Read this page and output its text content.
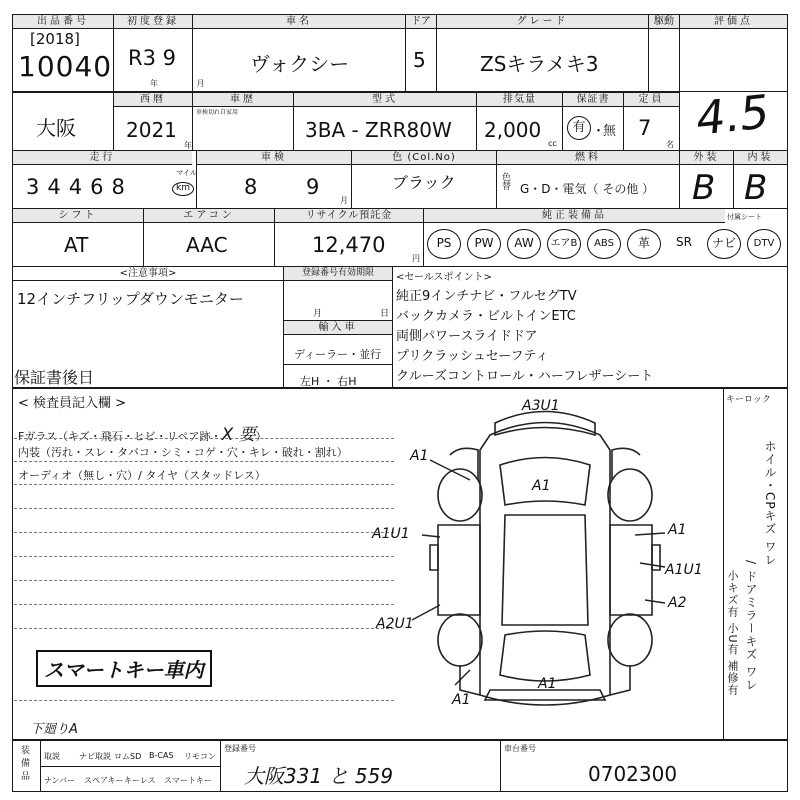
出品番号
[2018]
10040
初度登録
R3 9
年 月
車名
ヴォクシー
ドア
5
グレード
ZSキラメキ3
駆動	評価点
4.5
大阪
西暦
2021
年
車歴
車検切れ自家用
型式
3BA - ZRR80W
排気量
2,000
cc
保証書
有 ・
無
定員
7
名
走行
34468
マイル
km
車検
8 9
月
色 (Col.No)
ブラック	色替
燃料
G・D・電気（ その他 ）
外装
B
内装
B
シフト
AT
エアコン
AAC
リサイクル預託金
12,470
円
純正装備品	付属シート
PS	PW	AW	エアB	ABS	革	SR	ナビ	DTV
<注意事項>
12インチフリップダウンモニター
保証書後日
登録番号有効期限
月	日
輸入車
ディーラー・並行
左H ・ 右H
<セールスポイント>
純正9インチナビ・フルセグTV
バックカメラ・ビルトインETC
両側パワースライドドア
プリクラッシュセーフティ
クルーズコントロール・ハーフレザーシート
< 検査員記入欄 >
Fガラス（キズ・飛石・ヒビ・リペア跡・X 要）
内装（汚れ・スレ・タバコ・シミ・コゲ・穴・キレ・破れ・割れ）
オーディオ（無し・穴）/ タイヤ（スタッドレス）
スマートキー車内
下廻りA
キーロック
ホイル・CPキズ ワレ
/ ドアミラーキズ ワレ
小キズ有 小U有 補修有
A3U1
A1
A1
A1U1	A1
A1U1
A2
A2U1
A1
A1
装備品 取説 ナビ取説 ロムSD B-CAS リモコン
ナンバー スペアキー キーレス スマートキー
登録番号
大阪331 と 559
車台番号
0702300
